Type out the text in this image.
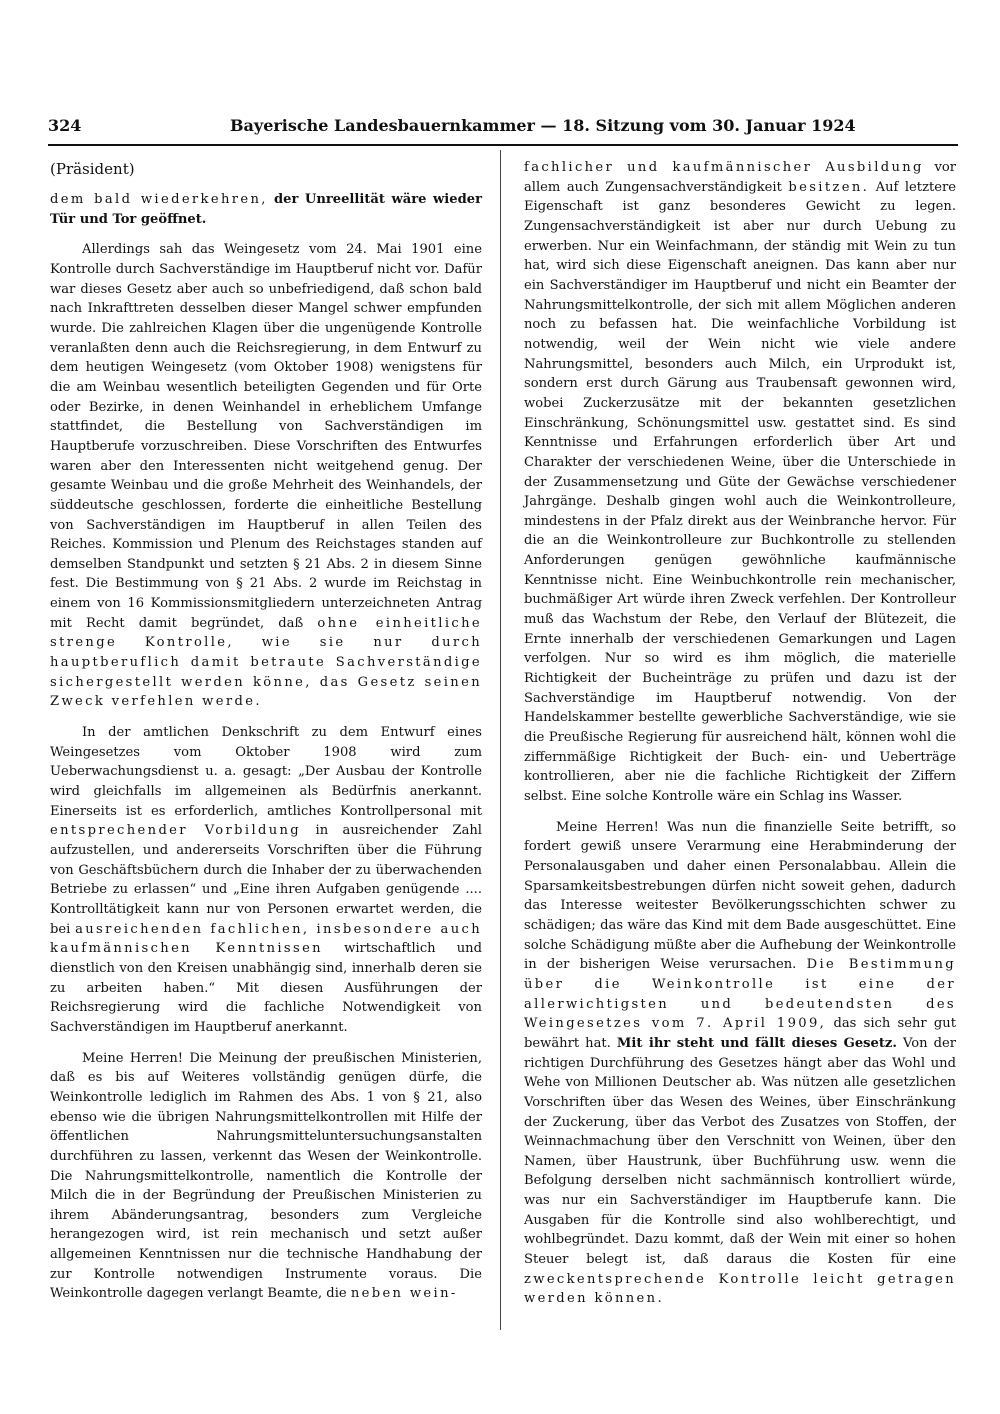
324	Bayerische Landesbauernkammer — 18. Sitzung vom 30. Januar 1924

(Präsident)

dem bald wiederkehren, der Unreellität wäre wieder Tür und Tor geöffnet.

Allerdings sah das Weingesetz vom 24. Mai 1901 eine Kontrolle durch Sachverständige im Hauptberuf nicht vor. Dafür war dieses Gesetz aber auch so unbefriedigend, daß schon bald nach Inkrafttreten desselben dieser Mangel schwer empfunden wurde. Die zahlreichen Klagen über die ungenügende Kontrolle veranlaßten denn auch die Reichsregierung, in dem Entwurf zu dem heutigen Weingesetz (vom Oktober 1908) wenigstens für die am Weinbau wesentlich beteiligten Gegenden und für Orte oder Bezirke, in denen Weinhandel in erheblichem Umfange stattfindet, die Bestellung von Sachverständigen im Hauptberufe vorzuschreiben. Diese Vorschriften des Entwurfes waren aber den Interessenten nicht weitgehend genug. Der gesamte Weinbau und die große Mehrheit des Weinhandels, der süddeutsche geschlossen, forderte die einheitliche Bestellung von Sachverständigen im Hauptberuf in allen Teilen des Reiches. Kommission und Plenum des Reichstages standen auf demselben Standpunkt und setzten § 21 Abs. 2 in diesem Sinne fest. Die Bestimmung von § 21 Abs. 2 wurde im Reichstag in einem von 16 Kommissionsmitgliedern unterzeichneten Antrag mit Recht damit begründet, daß ohne einheitliche strenge Kontrolle, wie sie nur durch hauptberuflich damit betraute Sachverständige sichergestellt werden könne, das Gesetz seinen Zweck verfehlen werde.

In der amtlichen Denkschrift zu dem Entwurf eines Weingesetzes vom Oktober 1908 wird zum Ueberwachungsdienst u. a. gesagt: „Der Ausbau der Kontrolle wird gleichfalls im allgemeinen als Bedürfnis anerkannt. Einerseits ist es erforderlich, amtliches Kontrollpersonal mit entsprechender Vorbildung in ausreichender Zahl aufzustellen, und andererseits Vorschriften über die Führung von Geschäftsbüchern durch die Inhaber der zu überwachenden Betriebe zu erlassen“ und „Eine ihren Aufgaben genügende .... Kontrolltätigkeit kann nur von Personen erwartet werden, die bei ausreichenden fachlichen, insbesondere auch kaufmännischen Kenntnissen wirtschaftlich und dienstlich von den Kreisen unabhängig sind, innerhalb deren sie zu arbeiten haben.“ Mit diesen Ausführungen der Reichsregierung wird die fachliche Notwendigkeit von Sachverständigen im Hauptberuf anerkannt.

Meine Herren! Die Meinung der preußischen Ministerien, daß es bis auf Weiteres vollständig genügen dürfe, die Weinkontrolle lediglich im Rahmen des Abs. 1 von § 21, also ebenso wie die übrigen Nahrungsmittelkontrollen mit Hilfe der öffentlichen Nahrungsmitteluntersuchungsanstalten durchführen zu lassen, verkennt das Wesen der Weinkontrolle. Die Nahrungsmittelkontrolle, namentlich die Kontrolle der Milch die in der Begründung der Preußischen Ministerien zu ihrem Abänderungsantrag, besonders zum Vergleiche herangezogen wird, ist rein mechanisch und setzt außer allgemeinen Kenntnissen nur die technische Handhabung der zur Kontrolle notwendigen Instrumente voraus. Die Weinkontrolle dagegen verlangt Beamte, die neben wein-

fachlicher und kaufmännischer Ausbildung vor allem auch Zungensachverständigkeit besitzen. Auf letztere Eigenschaft ist ganz besonderes Gewicht zu legen. Zungensachverständigkeit ist aber nur durch Uebung zu erwerben. Nur ein Weinfachmann, der ständig mit Wein zu tun hat, wird sich diese Eigenschaft aneignen. Das kann aber nur ein Sachverständiger im Hauptberuf und nicht ein Beamter der Nahrungsmittelkontrolle, der sich mit allem Möglichen anderen noch zu befassen hat. Die weinfachliche Vorbildung ist notwendig, weil der Wein nicht wie viele andere Nahrungsmittel, besonders auch Milch, ein Urprodukt ist, sondern erst durch Gärung aus Traubensaft gewonnen wird, wobei Zuckerzusätze mit der bekannten gesetzlichen Einschränkung, Schönungsmittel usw. gestattet sind. Es sind Kenntnisse und Erfahrungen erforderlich über Art und Charakter der verschiedenen Weine, über die Unterschiede in der Zusammensetzung und Güte der Gewächse verschiedener Jahrgänge. Deshalb gingen wohl auch die Weinkontrolleure, mindestens in der Pfalz direkt aus der Weinbranche hervor. Für die an die Weinkontrolleure zur Buchkontrolle zu stellenden Anforderungen genügen gewöhnliche kaufmännische Kenntnisse nicht. Eine Weinbuchkontrolle rein mechanischer, buchmäßiger Art würde ihren Zweck verfehlen. Der Kontrolleur muß das Wachstum der Rebe, den Verlauf der Blütezeit, die Ernte innerhalb der verschiedenen Gemarkungen und Lagen verfolgen. Nur so wird es ihm möglich, die materielle Richtigkeit der Bucheinträge zu prüfen und dazu ist der Sachverständige im Hauptberuf notwendig. Von der Handelskammer bestellte gewerbliche Sachverständige, wie sie die Preußische Regierung für ausreichend hält, können wohl die ziffernmäßige Richtigkeit der Buch- ein- und Ueberträge kontrollieren, aber nie die fachliche Richtigkeit der Ziffern selbst. Eine solche Kontrolle wäre ein Schlag ins Wasser.

Meine Herren! Was nun die finanzielle Seite betrifft, so fordert gewiß unsere Verarmung eine Herabminderung der Personalausgaben und daher einen Personalabbau. Allein die Sparsamkeitsbestrebungen dürfen nicht soweit gehen, dadurch das Interesse weitester Bevölkerungsschichten schwer zu schädigen; das wäre das Kind mit dem Bade ausgeschüttet. Eine solche Schädigung müßte aber die Aufhebung der Weinkontrolle in der bisherigen Weise verursachen. Die Bestimmung über die Weinkontrolle ist eine der allerwichtigsten und bedeutendsten des Weingesetzes vom 7. April 1909, das sich sehr gut bewährt hat. Mit ihr steht und fällt dieses Gesetz. Von der richtigen Durchführung des Gesetzes hängt aber das Wohl und Wehe von Millionen Deutscher ab. Was nützen alle gesetzlichen Vorschriften über das Wesen des Weines, über Einschränkung der Zuckerung, über das Verbot des Zusatzes von Stoffen, der Weinnachmachung über den Verschnitt von Weinen, über den Namen, über Haustrunk, über Buchführung usw. wenn die Befolgung derselben nicht sachmännisch kontrolliert würde, was nur ein Sachverständiger im Hauptberufe kann. Die Ausgaben für die Kontrolle sind also wohlberechtigt, und wohlbegründet. Dazu kommt, daß der Wein mit einer so hohen Steuer belegt ist, daß daraus die Kosten für eine zweckentsprechende Kontrolle leicht getragen werden können.
